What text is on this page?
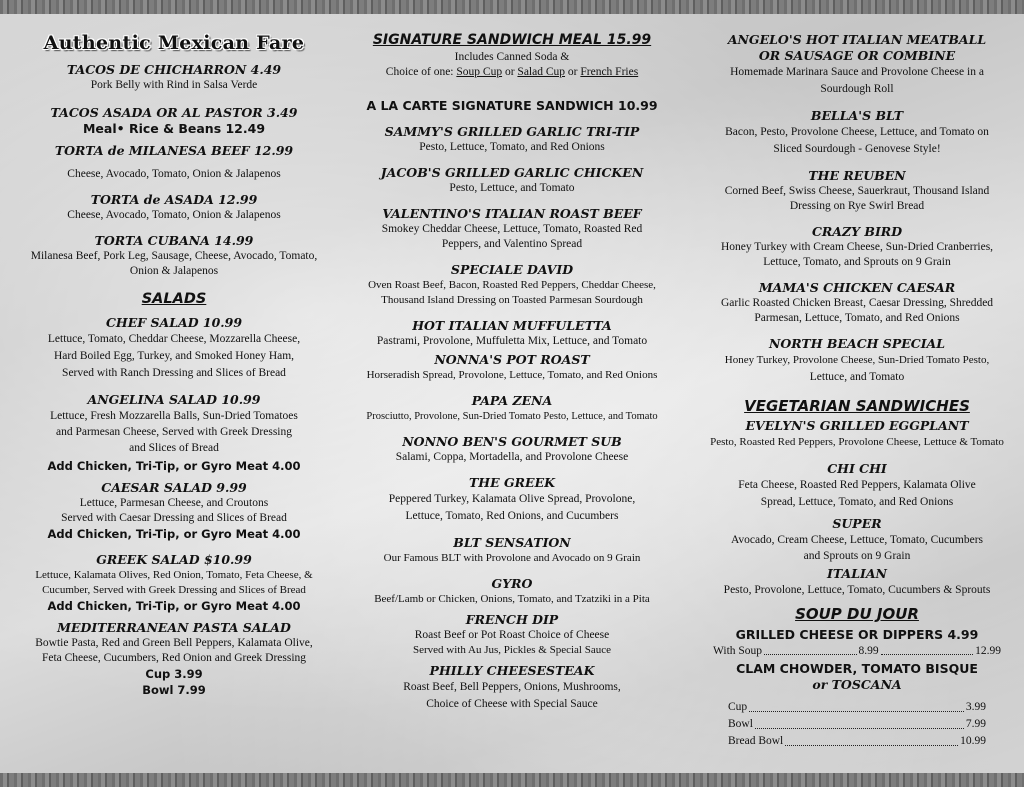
Authentic Mexican Fare

TACOS DE CHICHARRON 4.49

Pork Belly with Rind in Salsa Verde

TACOS ASADA OR AL PASTOR 3.49

Meal• Rice & Beans 12.49

TORTA de MILANESA BEEF 12.99

Cheese, Avocado, Tomato, Onion & Jalapenos

TORTA de ASADA 12.99

Cheese, Avocado, Tomato, Onion & Jalapenos

TORTA CUBANA 14.99

Milanesa Beef, Pork Leg, Sausage, Cheese, Avocado, Tomato,

Onion & Jalapenos

SALADS

CHEF SALAD 10.99

Lettuce, Tomato, Cheddar Cheese, Mozzarella Cheese,

Hard Boiled Egg, Turkey, and Smoked Honey Ham,

Served with Ranch Dressing and Slices of Bread

ANGELINA SALAD 10.99

Lettuce, Fresh Mozzarella Balls, Sun-Dried Tomatoes

and Parmesan Cheese, Served with Greek Dressing

and Slices of Bread

Add Chicken, Tri-Tip, or Gyro Meat 4.00

CAESAR SALAD 9.99

Lettuce, Parmesan Cheese, and Croutons

Served with Caesar Dressing and Slices of Bread

Add Chicken, Tri-Tip, or Gyro Meat 4.00

GREEK SALAD $10.99

Lettuce, Kalamata Olives, Red Onion, Tomato, Feta Cheese, &

Cucumber, Served with Greek Dressing and Slices of Bread

Add Chicken, Tri-Tip, or Gyro Meat 4.00

MEDITERRANEAN PASTA SALAD

Bowtie Pasta, Red and Green Bell Peppers, Kalamata Olive,

Feta Cheese, Cucumbers, Red Onion and Greek Dressing

Cup 3.99

Bowl 7.99

SIGNATURE SANDWICH MEAL 15.99

Includes Canned Soda &

Choice of one: Soup Cup or Salad Cup or French Fries

A LA CARTE SIGNATURE SANDWICH 10.99

SAMMY'S GRILLED GARLIC TRI-TIP

Pesto, Lettuce, Tomato, and Red Onions

JACOB'S GRILLED GARLIC CHICKEN

Pesto, Lettuce, and Tomato

VALENTINO'S ITALIAN ROAST BEEF

Smokey Cheddar Cheese, Lettuce, Tomato, Roasted Red

Peppers, and Valentino Spread

SPECIALE DAVID

Oven Roast Beef, Bacon, Roasted Red Peppers, Cheddar Cheese,

Thousand Island Dressing on Toasted Parmesan Sourdough

HOT ITALIAN MUFFULETTA

Pastrami, Provolone, Muffuletta Mix, Lettuce, and Tomato

NONNA'S POT ROAST

Horseradish Spread, Provolone, Lettuce, Tomato, and Red Onions

PAPA ZENA

Prosciutto, Provolone, Sun-Dried Tomato Pesto, Lettuce, and Tomato

NONNO BEN'S GOURMET SUB

Salami, Coppa, Mortadella, and Provolone Cheese

THE GREEK

Peppered Turkey, Kalamata Olive Spread, Provolone,

Lettuce, Tomato, Red Onions, and Cucumbers

BLT SENSATION

Our Famous BLT with Provolone and Avocado on 9 Grain

GYRO

Beef/Lamb or Chicken, Onions, Tomato, and Tzatziki in a Pita

FRENCH DIP

Roast Beef or Pot Roast Choice of Cheese

Served with Au Jus, Pickles & Special Sauce

PHILLY CHEESESTEAK

Roast Beef, Bell Peppers, Onions, Mushrooms,

Choice of Cheese with Special Sauce

ANGELO'S HOT ITALIAN MEATBALL

OR SAUSAGE OR COMBINE

Homemade Marinara Sauce and Provolone Cheese in a

Sourdough Roll

BELLA'S BLT

Bacon, Pesto, Provolone Cheese, Lettuce, and Tomato on

Sliced Sourdough - Genovese Style!

THE REUBEN

Corned Beef, Swiss Cheese, Sauerkraut, Thousand Island

Dressing on Rye Swirl Bread

CRAZY BIRD

Honey Turkey with Cream Cheese, Sun-Dried Cranberries,

Lettuce, Tomato, and Sprouts on 9 Grain

MAMA'S CHICKEN CAESAR

Garlic Roasted Chicken Breast, Caesar Dressing, Shredded

Parmesan, Lettuce, Tomato, and Red Onions

NORTH BEACH SPECIAL

Honey Turkey, Provolone Cheese, Sun-Dried Tomato Pesto,

Lettuce, and Tomato

VEGETARIAN SANDWICHES

EVELYN'S GRILLED EGGPLANT

Pesto, Roasted Red Peppers, Provolone Cheese, Lettuce & Tomato

CHI CHI

Feta Cheese, Roasted Red Peppers, Kalamata Olive

Spread, Lettuce, Tomato, and Red Onions

SUPER

Avocado, Cream Cheese, Lettuce, Tomato, Cucumbers

and Sprouts on 9 Grain

ITALIAN

Pesto, Provolone, Lettuce, Tomato, Cucumbers & Sprouts

SOUP DU JOUR

GRILLED CHEESE OR DIPPERS 4.99

With Soup	8.99	12.99

CLAM CHOWDER, TOMATO BISQUE

or TOSCANA

Cup	3.99
Bowl	7.99
Bread Bowl	10.99
